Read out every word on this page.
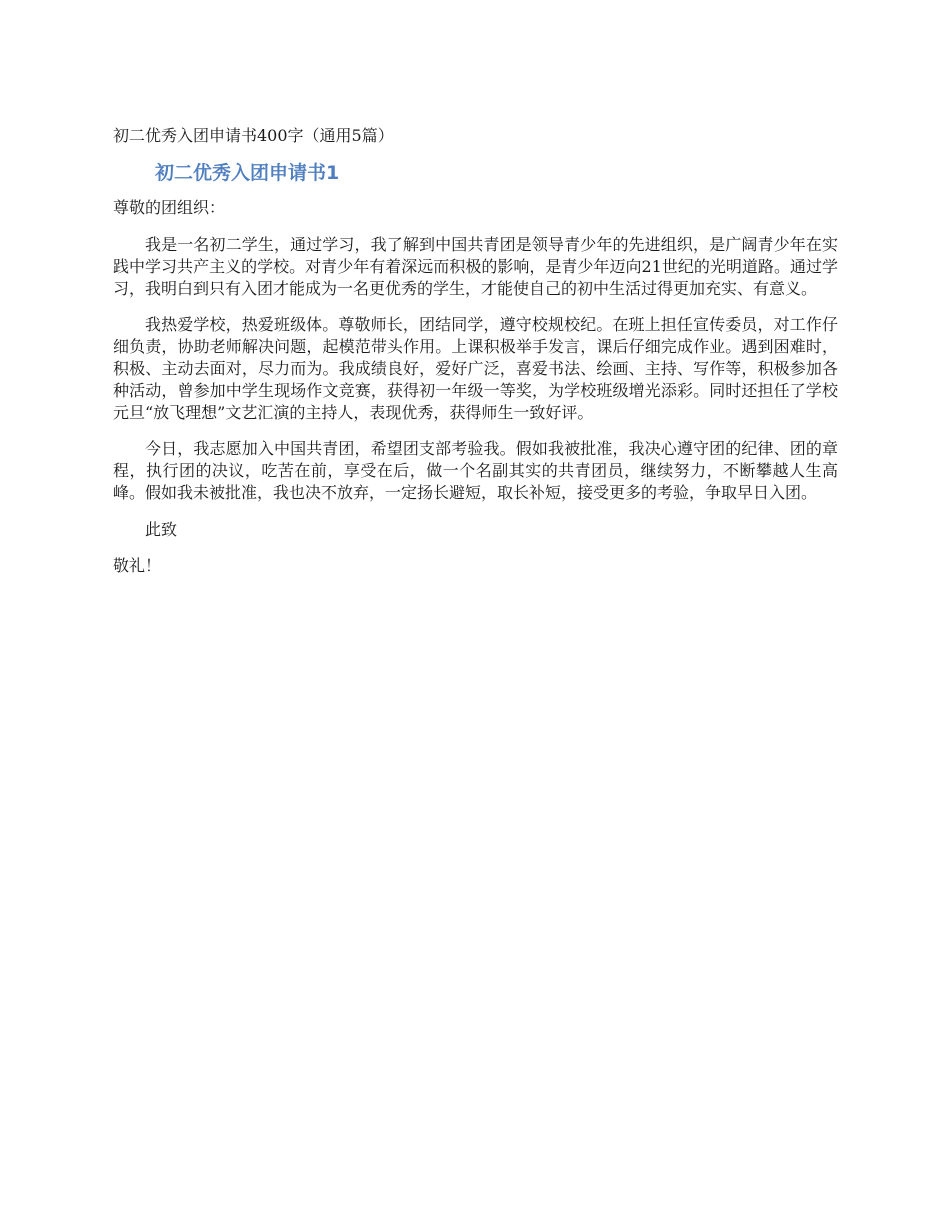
初二优秀入团申请书400字（通用5篇）

初二优秀入团申请书1

尊敬的团组织：

我是一名初二学生，通过学习，我了解到中国共青团是领导青少年的先进组织，是广阔青少年在实践中学习共产主义的学校。对青少年有着深远而积极的影响，是青少年迈向21世纪的光明道路。通过学习，我明白到只有入团才能成为一名更优秀的学生，才能使自己的初中生活过得更加充实、有意义。

我热爱学校，热爱班级体。尊敬师长，团结同学，遵守校规校纪。在班上担任宣传委员，对工作仔细负责，协助老师解决问题，起模范带头作用。上课积极举手发言，课后仔细完成作业。遇到困难时，积极、主动去面对，尽力而为。我成绩良好，爱好广泛，喜爱书法、绘画、主持、写作等，积极参加各种活动，曾参加中学生现场作文竞赛，获得初一年级一等奖，为学校班级增光添彩。同时还担任了学校元旦“放飞理想”文艺汇演的主持人，表现优秀，获得师生一致好评。

今日，我志愿加入中国共青团，希望团支部考验我。假如我被批准，我决心遵守团的纪律、团的章程，执行团的决议，吃苦在前，享受在后，做一个名副其实的共青团员，继续努力，不断攀越人生高峰。假如我未被批准，我也决不放弃，一定扬长避短，取长补短，接受更多的考验，争取早日入团。

此致

敬礼！
